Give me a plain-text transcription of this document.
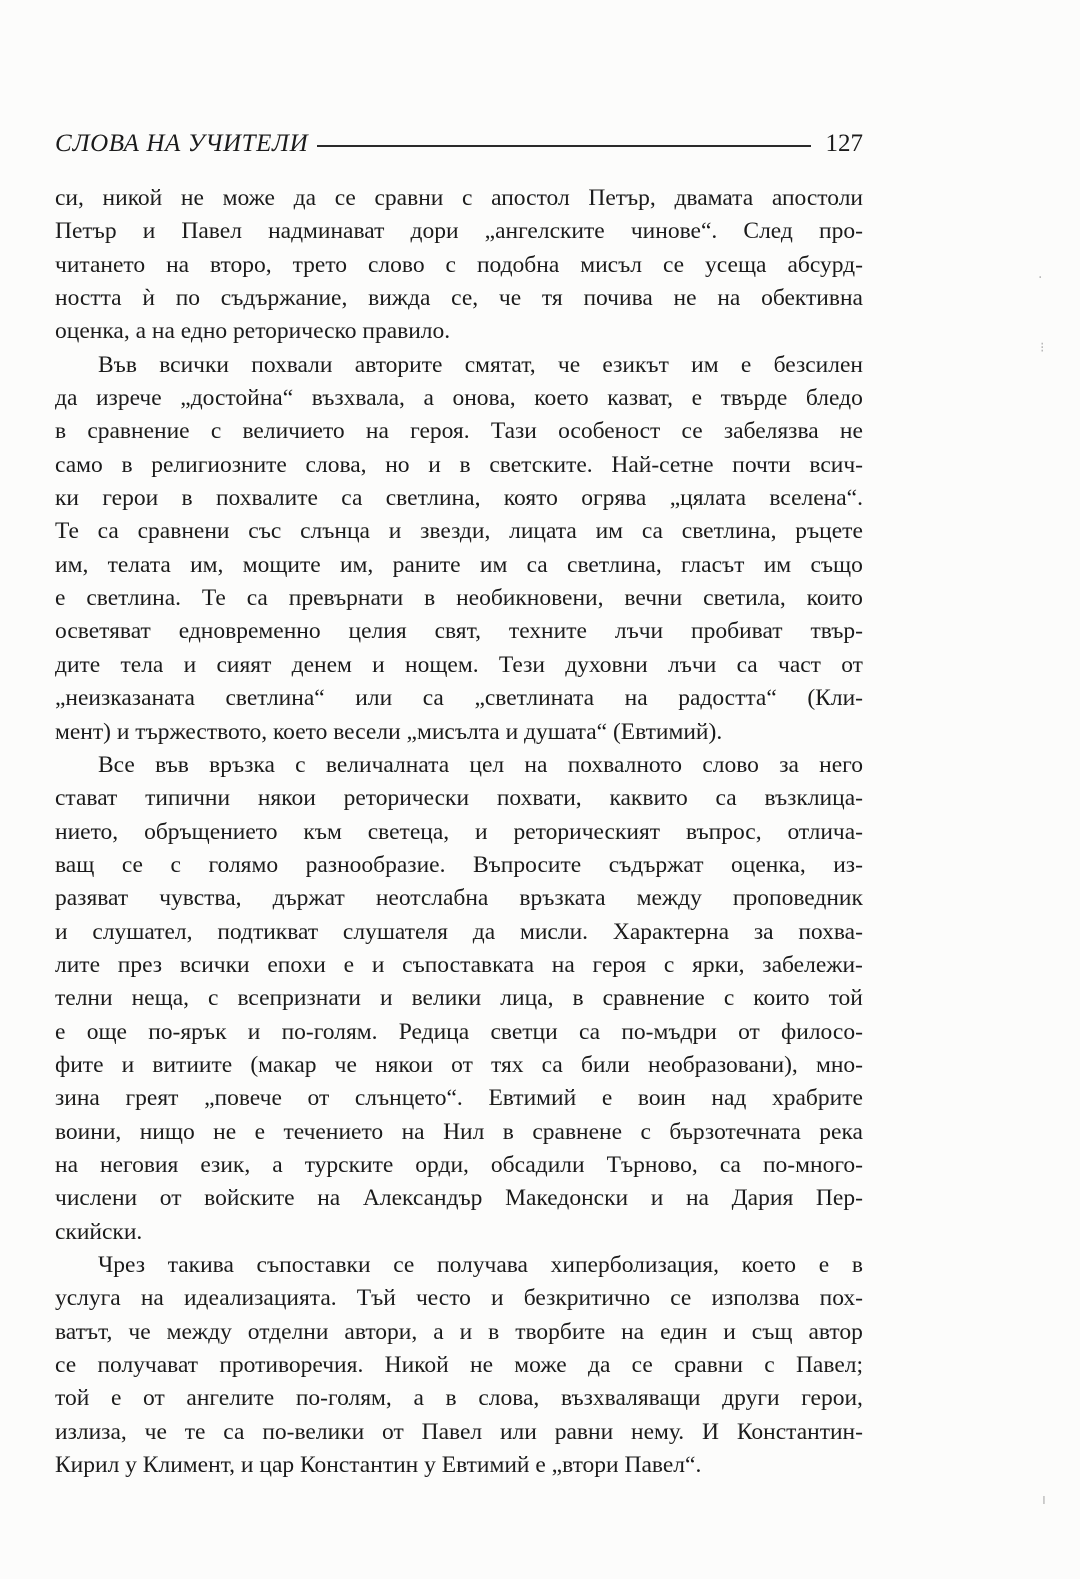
СЛОВА НА УЧИТЕЛИ	127
си, никой не може да се сравни с апостол Петър, двамата апостоли
Петър и Павел надминават дори „ангелските чинове“. След про-
читането на второ, трето слово с подобна мисъл се усеща абсурд-
ността ѝ по съдържание, вижда се, че тя почива не на обективна
оценка, а на едно реторическо правило.
Във всички похвали авторите смятат, че езикът им е безсилен
да изрече „достойна“ възхвала, а онова, което казват, е твърде бледо
в сравнение с величието на героя. Тази особеност се забелязва не
само в религиозните слова, но и в светските. Най-сетне почти всич-
ки герои в похвалите са светлина, която огрява „цялата вселена“.
Те са сравнени със слънца и звезди, лицата им са светлина, ръцете
им, телата им, мощите им, раните им са светлина, гласът им също
е светлина. Те са превърнати в необикновени, вечни светила, които
осветяват едновременно целия свят, техните лъчи пробиват твър-
дите тела и сияят денем и нощем. Тези духовни лъчи са част от
„неизказаната светлина“ или са „светлината на радостта“ (Кли-
мент) и тържеството, което весели „мисълта и душата“ (Евтимий).
Все във връзка с величалната цел на похвалното слово за него
стават типични някои реторически похвати, каквито са възклица-
нието, обръщението към светеца, и реторическият въпрос, отлича-
ващ се с голямо разнообразие. Въпросите съдържат оценка, из-
разяват чувства, държат неотслабна връзката между проповедник
и слушател, подтикват слушателя да мисли. Характерна за похва-
лите през всички епохи е и съпоставката на героя с ярки, забележи-
телни неща, с всепризнати и велики лица, в сравнение с които той
е още по-ярък и по-голям. Редица светци са по-мъдри от филосо-
фите и витиите (макар че някои от тях са били необразовани), мно-
зина греят „повече от слънцето“. Евтимий е воин над храбрите
воини, нищо не е течението на Нил в сравнене с бързотечната река
на неговия език, а турските орди, обсадили Търново, са по-много-
числени от войските на Александър Македонски и на Дария Пер-
скийски.
Чрез такива съпоставки се получава хиперболизация, което е в
услуга на идеализацията. Тъй често и безкритично се използва пох-
ватът, че между отделни автори, а и в творбите на един и същ автор
се получават противоречия. Никой не може да се сравни с Павел;
той е от ангелите по-голям, а в слова, възхваляващи други герои,
излиза, че те са по-велики от Павел или равни нему. И Константин-
Кирил у Климент, и цар Константин у Евтимий е „втори Павел“.
·
⁝
ı
